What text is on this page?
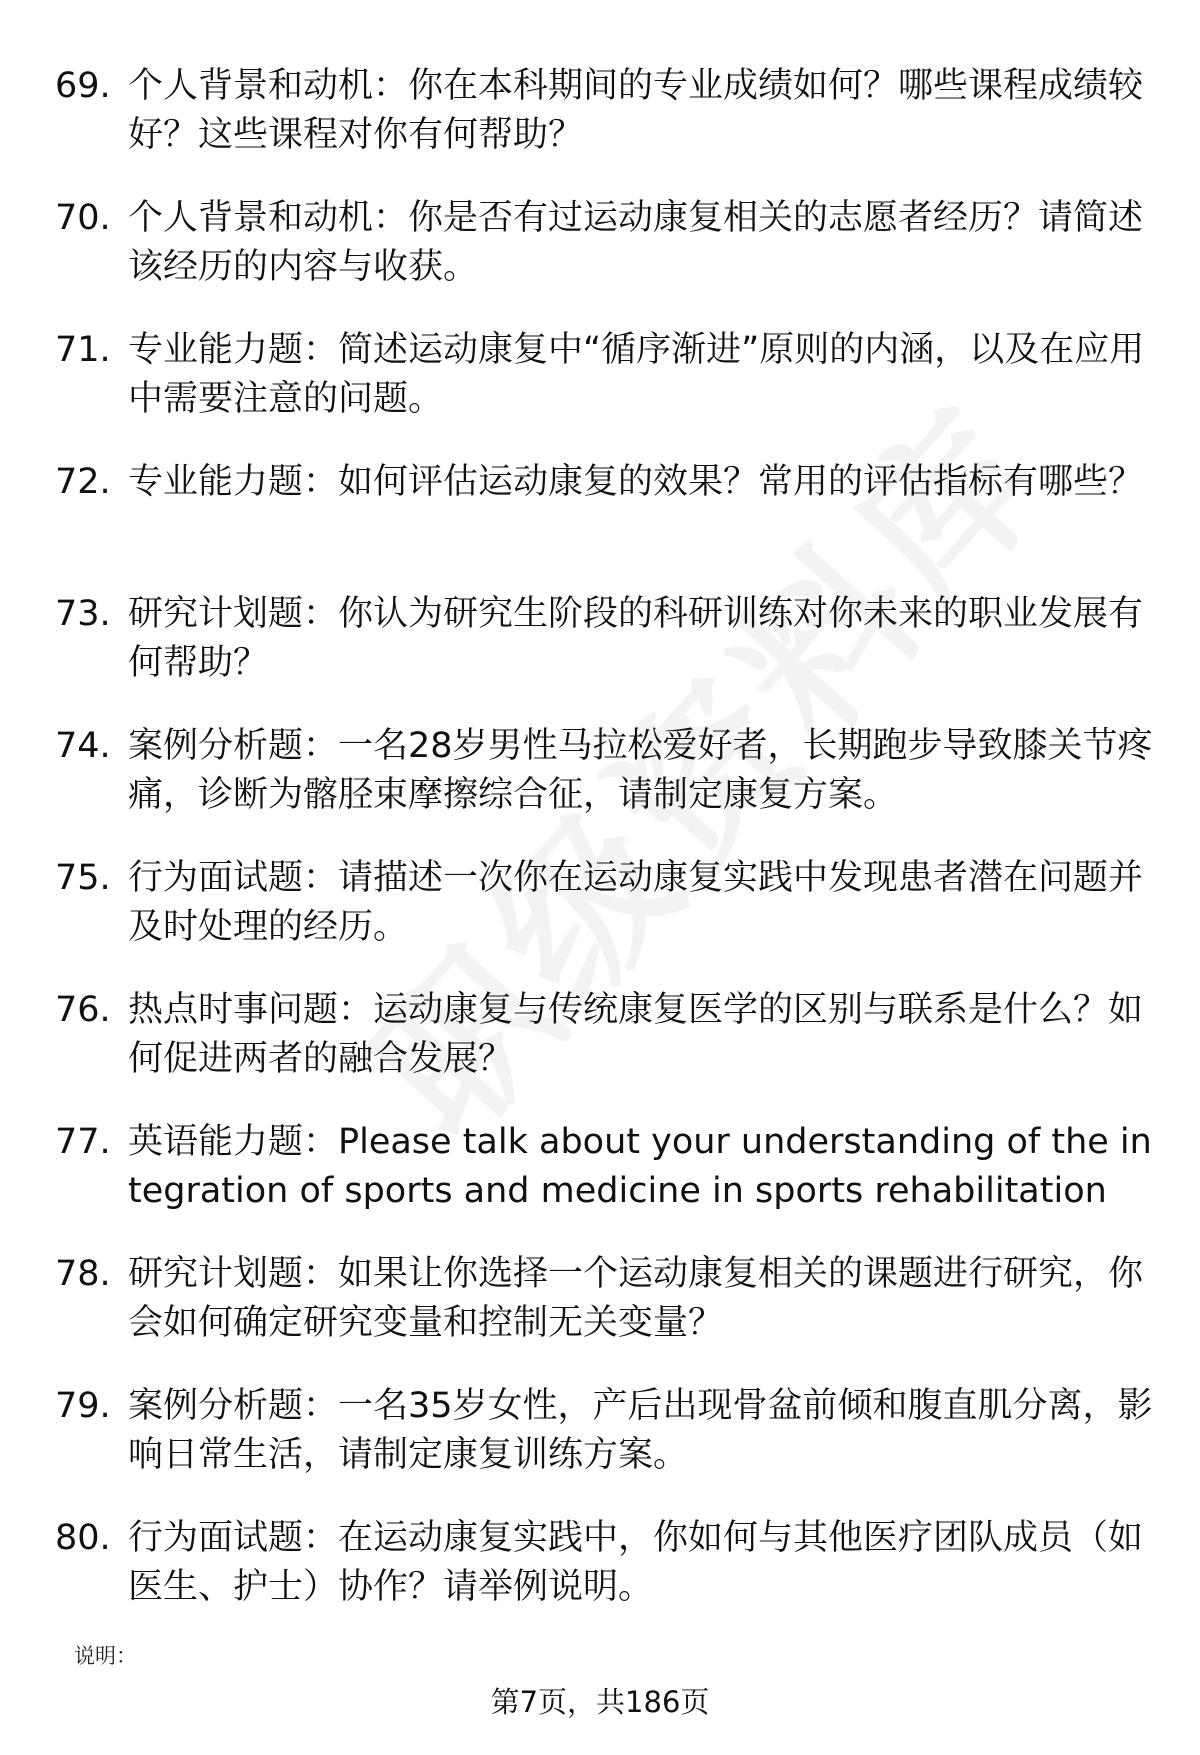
69. 个人背景和动机：你在本科期间的专业成绩如何？哪些课程成绩较好？这些课程对你有何帮助？
70. 个人背景和动机：你是否有过运动康复相关的志愿者经历？请简述该经历的内容与收获。
71. 专业能力题：简述运动康复中“循序渐进”原则的内涵，以及在应用中需要注意的问题。
72. 专业能力题：如何评估运动康复的效果？常用的评估指标有哪些？
73. 研究计划题：你认为研究生阶段的科研训练对你未来的职业发展有何帮助？
74. 案例分析题：一名28岁男性马拉松爱好者，长期跑步导致膝关节疼痛，诊断为髂胫束摩擦综合征，请制定康复方案。
75. 行为面试题：请描述一次你在运动康复实践中发现患者潜在问题并及时处理的经历。
76. 热点时事问题：运动康复与传统康复医学的区别与联系是什么？如何促进两者的融合发展？
77. 英语能力题：Please talk about your understanding of the integration of sports and medicine in sports rehabilitation
78. 研究计划题：如果让你选择一个运动康复相关的课题进行研究，你会如何确定研究变量和控制无关变量？
79. 案例分析题：一名35岁女性，产后出现骨盆前倾和腹直肌分离，影响日常生活，请制定康复训练方案。
80. 行为面试题：在运动康复实践中，你如何与其他医疗团队成员（如医生、护士）协作？请举例说明。
说明：
第7页，共186页
